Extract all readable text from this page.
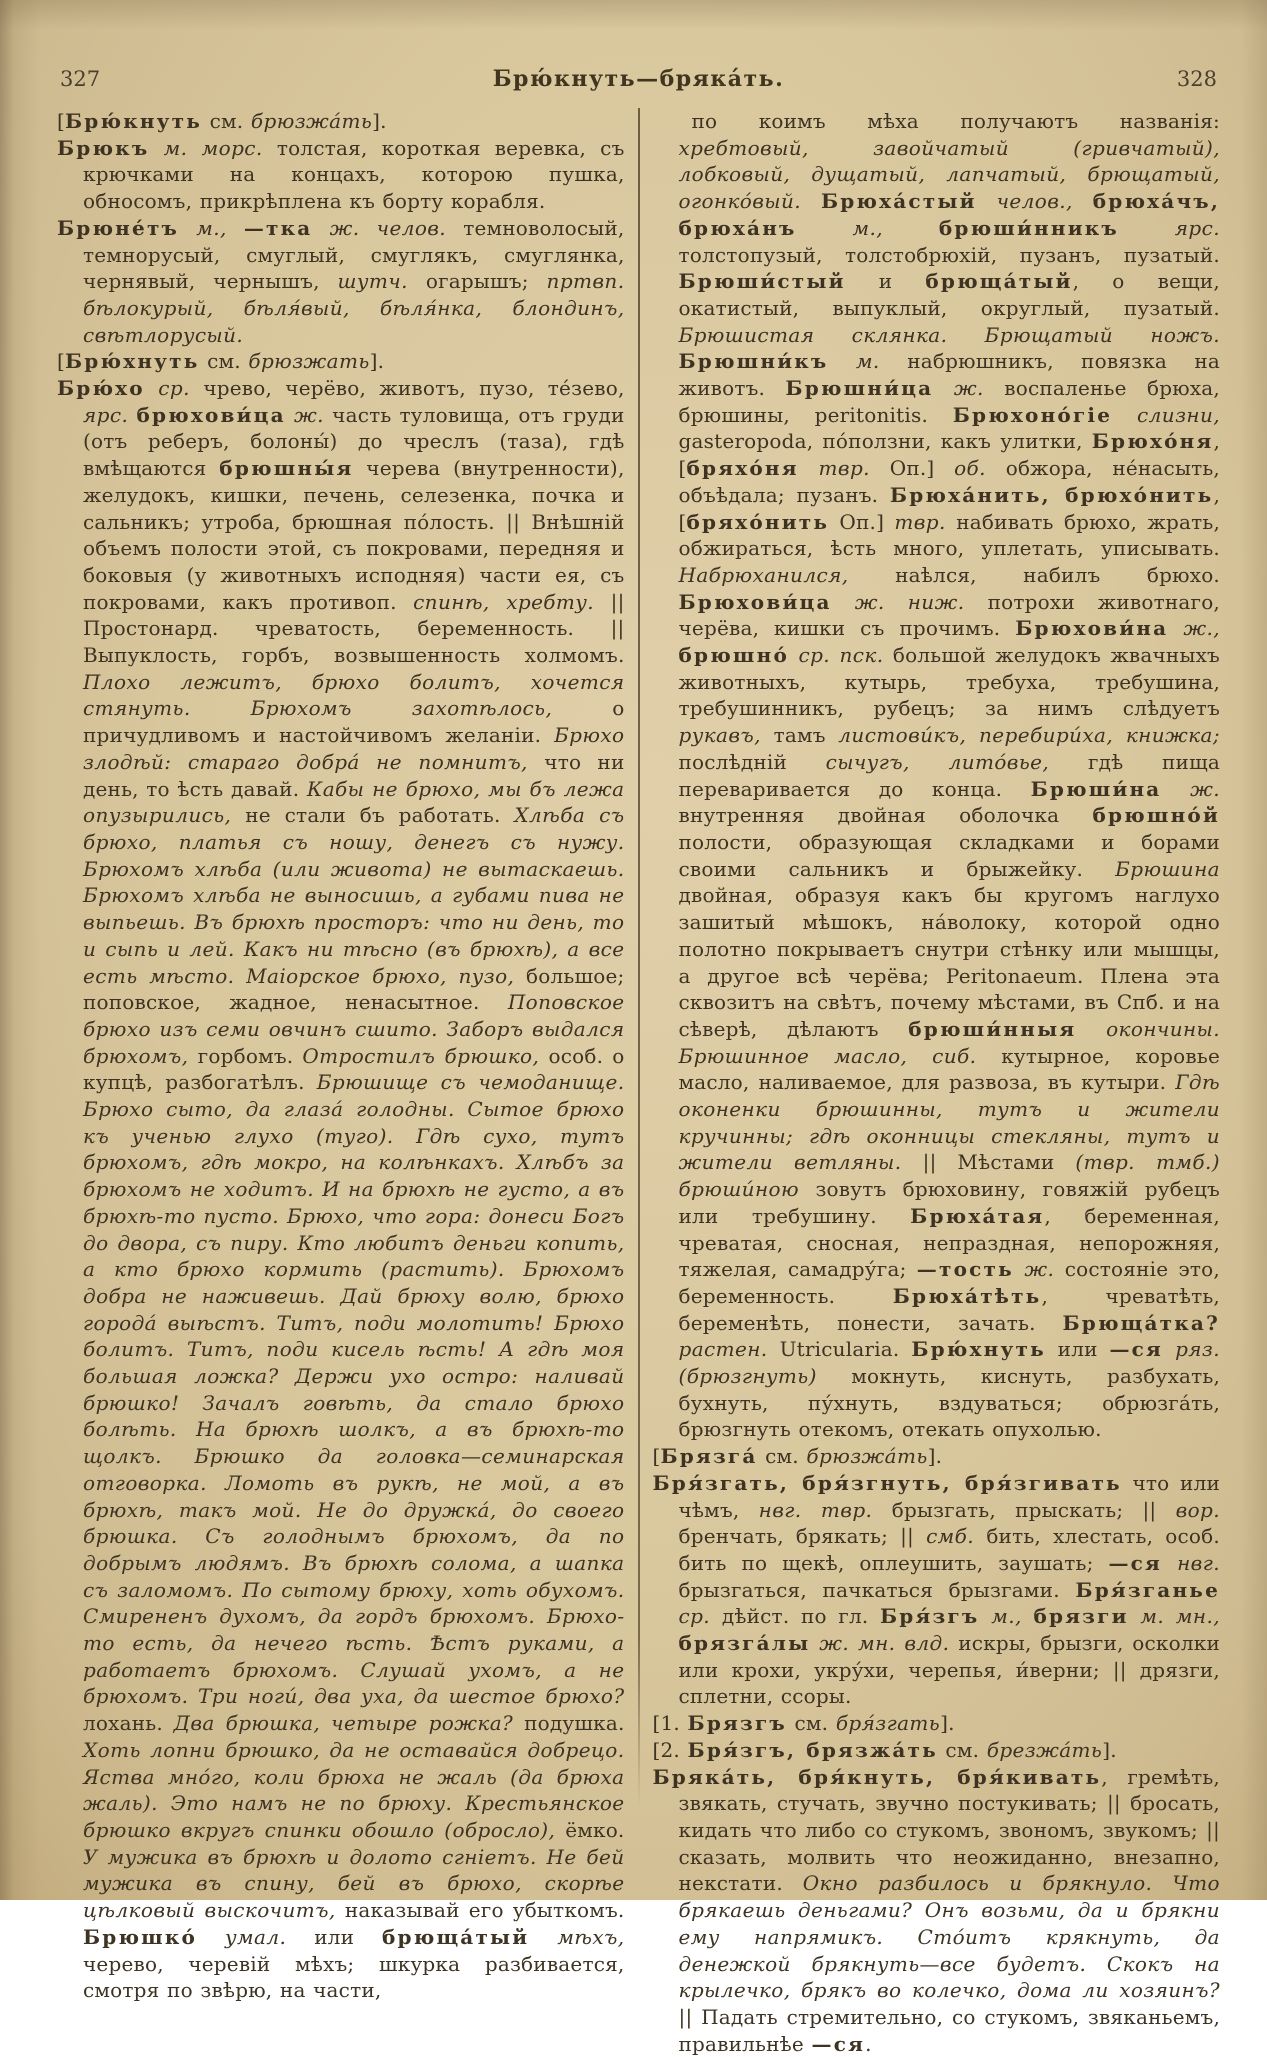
327	Брю́кнуть—бряка́ть.	328

[Брю́кнуть см. брюзжа́ть].

Брюкъ м. морс. толстая, короткая веревка, съ крючками на концахъ, которою пушка, обносомъ, прикрѣплена къ борту корабля.

Брюне́тъ м., —тка ж. челов. темноволосый, темнорусый, смуглый, смуглякъ, смуглянка, чернявый, чернышъ, шутч. огарышъ; пртвп. бѣлокурый, бѣля́вый, бѣля́нка, блондинъ, свѣтлорусый.

[Брю́хнуть см. брюзжать].

Брю́хо ср. чрево, черёво, животъ, пузо, те́зево, ярс. брюхови́ца ж. часть туловища, отъ груди (отъ реберъ, болоны́) до чреслъ (таза), гдѣ вмѣщаются брюшны́я черева (внутренности), желудокъ, кишки, печень, селезенка, почка и сальникъ; утроба, брюшная по́лость. || Внѣшній объемъ полости этой, съ покровами, передняя и боковыя (у животныхъ исподняя) части ея, съ покровами, какъ противоп. спинѣ, хребту. || Простонард. чреватость, беременность. || Выпуклость, горбъ, возвышенность холмомъ. Плохо лежитъ, брюхо болитъ, хочется стянуть. Брюхомъ захотѣлось, о причудливомъ и настойчивомъ желаніи. Брюхо злодѣй: стараго добра́ не помнитъ, что ни день, то ѣсть давай. Кабы не брюхо, мы бъ лежа опузырились, не стали бъ работать. Хлѣба съ брюхо, платья съ ношу, денегъ съ нужу. Брюхомъ хлѣба (или живота) не вытаскаешь. Брюхомъ хлѣба не выносишь, а губами пива не выпьешь. Въ брюхѣ просторъ: что ни день, то и сыпь и лей. Какъ ни тѣсно (въ брюхѣ), а все есть мѣсто. Маіорское брюхо, пузо, большое; поповское, жадное, ненасытное. Поповское брюхо изъ семи овчинъ сшито. Заборъ выдался брюхомъ, горбомъ. Отростилъ брюшко, особ. о купцѣ, разбогатѣлъ. Брюшище съ чемоданище. Брюхо сыто, да глаза́ голодны. Сытое брюхо къ ученью глухо (туго). Гдѣ сухо, тутъ брюхомъ, гдѣ мокро, на колѣнкахъ. Хлѣбъ за брюхомъ не ходитъ. И на брюхѣ не густо, а въ брюхѣ-то пусто. Брюхо, что гора: донеси Богъ до двора, съ пиру. Кто любитъ деньги копить, а кто брюхо кормить (растить). Брюхомъ добра не наживешь. Дай брюху волю, брюхо города́ выѣстъ. Титъ, поди молотить! Брюхо болитъ. Титъ, поди кисель ѣсть! А гдѣ моя большая ложка? Держи ухо остро: наливай брюшко! Зачалъ говѣть, да стало брюхо болѣть. На брюхѣ шолкъ, а въ брюхѣ-то щолкъ. Брюшко да головка—семинарская отговорка. Ломоть въ рукѣ, не мой, а въ брюхѣ, такъ мой. Не до дружка́, до своего брюшка. Съ голоднымъ брюхомъ, да по добрымъ людямъ. Въ брюхѣ солома, а шапка съ заломомъ. По сытому брюху, хоть обухомъ. Смирененъ духомъ, да гордъ брюхомъ. Брюхо-то есть, да нечего ѣсть. Ѣстъ руками, а работаетъ брюхомъ. Слушай ухомъ, а не брюхомъ. Три ноги́, два уха, да шестое брюхо? лохань. Два брюшка, четыре рожка? подушка. Хоть лопни брюшко, да не оставайся добрецо. Яства мно́го, коли брюха не жаль (да брюха жаль). Это намъ не по брюху. Крестьянское брюшко вкругъ спинки обошло (обросло), ёмко. У мужика въ брюхѣ и долото сгніетъ. Не бей мужика въ спину, бей въ брюхо, скорѣе цѣлковый выскочитъ, наказывай его убыткомъ. Брюшко́ умал. или брюща́тый мѣхъ, черево, черевій мѣхъ; шкурка разбивается, смотря по звѣрю, на части,

по коимъ мѣха получаютъ названія: хребтовый, завойчатый (гривчатый), лобковый, дущатый, лапчатый, брющатый, огонко́вый. Брюха́стый челов., брюха́чъ, брюха́нъ м., брюши́нникъ ярс. толстопузый, толстобрюхій, пузанъ, пузатый. Брюши́стый и брюща́тый, о вещи, окатистый, выпуклый, округлый, пузатый. Брюшистая склянка. Брющатый ножъ. Брюшни́къ м. набрюшникъ, повязка на животъ. Брюшни́ца ж. воспаленье брюха, брюшины, peritonitis. Брюхоно́гіе слизни, gasteropoda, по́ползни, какъ улитки, Брюхо́ня, [бряхо́ня твр. Оп.] об. обжора, не́насыть, объѣдала; пузанъ. Брюха́нить, брюхо́нить, [бряхо́нить Оп.] твр. набивать брюхо, жрать, обжираться, ѣсть много, уплетать, уписывать. Набрюханился, наѣлся, набилъ брюхо. Брюхови́ца ж. ниж. потрохи животнаго, черёва, кишки съ прочимъ. Брюхови́на ж., брюшно́ ср. пск. большой желудокъ жвачныхъ животныхъ, кутырь, требуха, требушина, требушинникъ, рубецъ; за нимъ слѣдуетъ рукавъ, тамъ листови́къ, перебири́ха, книжка; послѣдній сычугъ, лито́вье, гдѣ пища переваривается до конца. Брюши́на ж. внутренняя двойная оболочка брюшно́й полости, образующая складками и борами своими сальникъ и брыжейку. Брюшина двойная, образуя какъ бы кругомъ наглухо зашитый мѣшокъ, на́волоку, которой одно полотно покрываетъ снутри стѣнку или мышцы, а другое всѣ черёва; Peritonaeum. Плена эта сквозитъ на свѣтъ, почему мѣстами, въ Спб. и на сѣверѣ, дѣлаютъ брюши́нныя окончины. Брюшинное масло, сиб. кутырное, коровье масло, наливаемое, для развоза, въ кутыри. Гдѣ оконенки брюшинны, тутъ и жители кручинны; гдѣ оконницы стекляны, тутъ и жители ветляны. || Мѣстами (твр. тмб.) брюши́ною зовутъ брюховину, говяжій рубецъ или требушину. Брюха́тая, беременная, чреватая, сносная, непраздная, непорожняя, тяжелая, самадру́га; —тость ж. состояніе это, беременность. Брюха́тѣть, чреватѣть, беременѣть, понести, зачать. Брюща́тка? растен. Utricularia. Брю́хнуть или —ся ряз. (брюзгнуть) мокнуть, киснуть, разбухать, бухнуть, пу́хнуть, вздуваться; обрюзга́ть, брюзгнуть отекомъ, отекать опухолью.

[Брязга́ см. брюзжа́ть].

Бря́згать, бря́згнуть, бря́згивать что или чѣмъ, нвг. твр. брызгать, прыскать; || вор. бренчать, брякать; || смб. бить, хлестать, особ. бить по щекѣ, оплеушить, заушать; —ся нвг. брызгаться, пачкаться брызгами. Бря́зганье ср. дѣйст. по гл. Бря́згъ м., брязги м. мн., брязга́лы ж. мн. влд. искры, брызги, осколки или крохи, укру́хи, черепья, и́верни; || дрязги, сплетни, ссоры.

[1. Брязгъ см. бря́згать].

[2. Бря́згъ, брязжа́ть см. брезжа́ть].

Бряка́ть, бря́кнуть, бря́кивать, гремѣть, звякать, стучать, звучно постукивать; || бросать, кидать что либо со стукомъ, звономъ, звукомъ; || сказать, молвить что неожиданно, внезапно, некстати. Окно разбилось и брякнуло. Что брякаешь деньгами? Онъ возьми, да и брякни ему напрямикъ. Сто́итъ крякнуть, да денежкой брякнуть—все будетъ. Скокъ на крылечко, брякъ во колечко, дома ли хозяинъ? || Падать стремительно, со стукомъ, звяканьемъ, правильнѣе —ся.
